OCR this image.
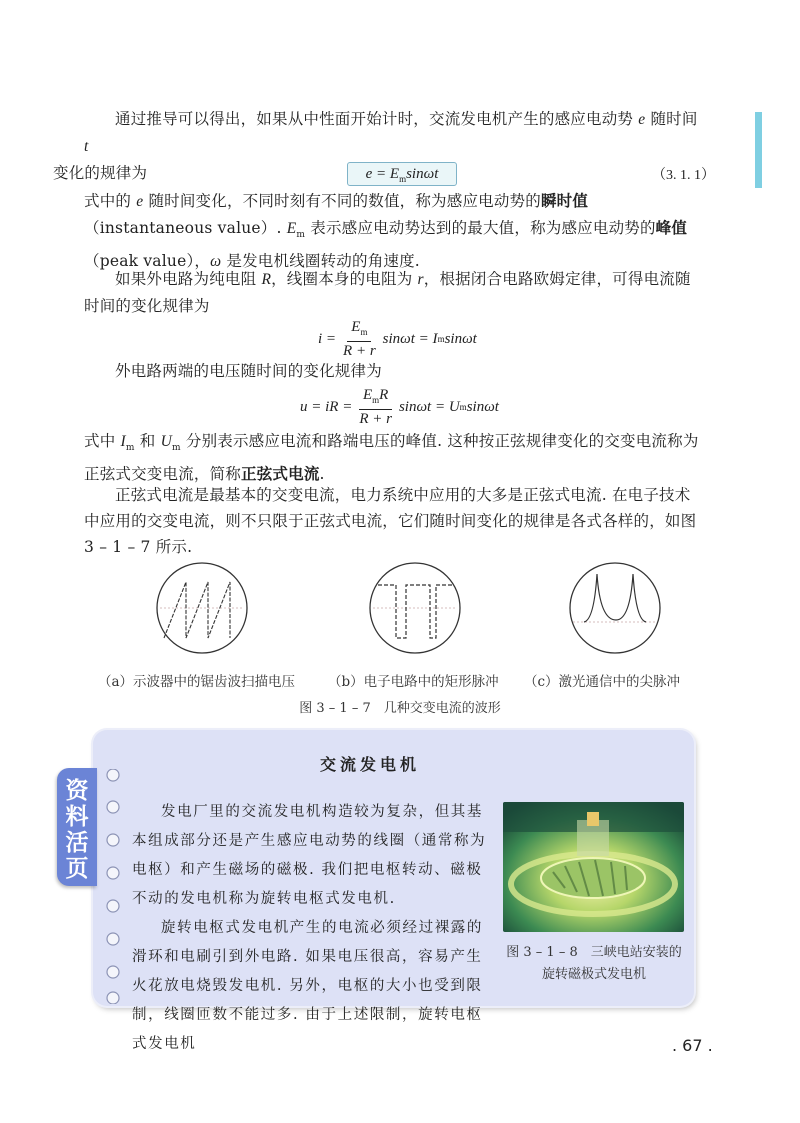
通过推导可以得出，如果从中性面开始计时，交流发电机产生的感应电动势 e 随时间 t
变化的规律为	$e = E_m\sin\omega t$	（3. 1. 1）

式中的 e 随时间变化，不同时刻有不同的数值，称为感应电动势的瞬时值（instantaneous value）. $E_m$ 表示感应电动势达到的最大值，称为感应电动势的峰值（peak value），ω 是发电机线圈转动的角速度.

如果外电路为纯电阻 R，线圈本身的电阻为 r，根据闭合电路欧姆定律，可得电流随时间的变化规律为

$i = \frac{E_m}{R + r}$ sinωt = I m sinωt

外电路两端的电压随时间的变化规律为

u = iR = $\frac{E_mR}{R + r}$ sinωt = U m sinωt

式中 $I_m$ 和 $U_m$ 分别表示感应电流和路端电压的峰值. 这种按正弦规律变化的交变电流称为正弦式交变电流，简称正弦式电流.

正弦式电流是最基本的交变电流，电力系统中应用的大多是正弦式电流. 在电子技术中应用的交变电流，则不只限于正弦式电流，它们随时间变化的规律是各式各样的，如图 3 – 1 – 7 所示.

（a）示波器中的锯齿波扫描电压 （b）电子电路中的矩形脉冲 （c）激光通信中的尖脉冲
图 3 – 1 – 7　几种交变电流的波形
资
料
活
页
交流发电机

发电厂里的交流发电机构造较为复杂，但其基本组成部分还是产生感应电动势的线圈（通常称为电枢）和产生磁场的磁极. 我们把电枢转动、磁极不动的发电机称为旋转电枢式发电机.
旋转电枢式发电机产生的电流必须经过裸露的滑环和电刷引到外电路. 如果电压很高，容易产生火花放电烧毁发电机. 另外，电枢的大小也受到限制，线圈匝数不能过多. 由于上述限制，旋转电枢式发电机

图 3 – 1 – 8　三峡电站安装的
旋转磁极式发电机
. 67 .
